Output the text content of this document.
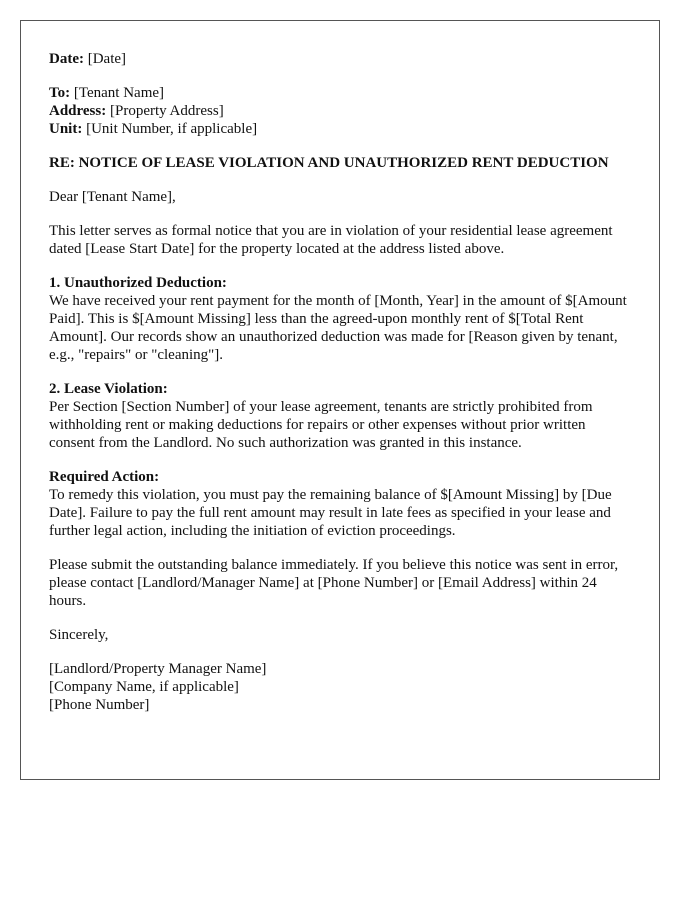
Date: [Date]

To: [Tenant Name]
Address: [Property Address]
Unit: [Unit Number, if applicable]

RE: NOTICE OF LEASE VIOLATION AND UNAUTHORIZED RENT DEDUCTION

Dear [Tenant Name],

This letter serves as formal notice that you are in violation of your residential lease agreement dated [Lease Start Date] for the property located at the address listed above.

1. Unauthorized Deduction:

We have received your rent payment for the month of [Month, Year] in the amount of $[Amount Paid]. This is $[Amount Missing] less than the agreed-upon monthly rent of $[Total Rent Amount]. Our records show an unauthorized deduction was made for [Reason given by tenant, e.g., "repairs" or "cleaning"].

2. Lease Violation:

Per Section [Section Number] of your lease agreement, tenants are strictly prohibited from withholding rent or making deductions for repairs or other expenses without prior written consent from the Landlord. No such authorization was granted in this instance.

Required Action:

To remedy this violation, you must pay the remaining balance of $[Amount Missing] by [Due Date]. Failure to pay the full rent amount may result in late fees as specified in your lease and further legal action, including the initiation of eviction proceedings.

Please submit the outstanding balance immediately. If you believe this notice was sent in error, please contact [Landlord/Manager Name] at [Phone Number] or [Email Address] within 24 hours.

Sincerely,

[Landlord/Property Manager Name]
[Company Name, if applicable]
[Phone Number]
